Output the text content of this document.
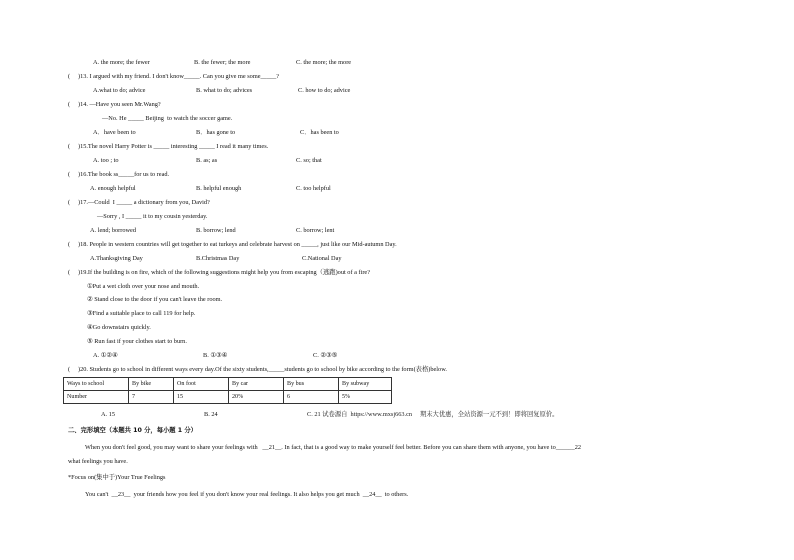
A. the more; the fewer	B. the fewer; the more	C. the more; the more
(     )13. I argued with my friend. I don't know_____. Can you give me some_____?
A.what to do; advice	B. what to do; advices	C. how to do; advice
(     )14. —Have you seen Mr.Wang?
—No. He _____ Beijing  to watch the soccer game.
A．have been to	B．has gone to	C．has been to
(     )15.The novel Harry Potter is _____ interesting _____ I read it many times.
A. too ; to	B. as; as	C. so; that
(     )16.The book ss_____for us to read.
A. enough helpful	B. helpful enough	C. too helpful
(     )17.—Could  I _____ a dictionary from you, David?
—Sorry , I _____ it to my cousin yesterday.
A. lend; borrowed	B. borrow; lend	C. borrow; lent
(     )18. People in western countries will get together to eat turkeys and celebrate harvest on _____, just like our Mid-autumn Day.
A.Thanksgiving Day	B.Christmas Day	C.National Day
(     )19.If the building is on fire, which of the following suggestions might help you from escaping（逃跑)out of a fire?
①Put a wet cloth over your nose and mouth.
② Stand close to the door if you can't leave the room.
③Find a suitable place to call 119 for help.
④Go downstairs quickly.
⑤ Run fast if your clothes start to burn.
A. ①②④	B. ①③④	C. ②③⑤
(     )20. Students go to school in different ways every day.Of the sixty students,_____students go to school by bike according to the form(表格)below.
Ways to school	By bike	On foot	By car	By bus	By subway
Number	7	15	20%	6	5%
A. 15	B. 24	C. 21 试卷源自  https://www.mxsj663.cn     期末大优惠，全站资源一元不到！即将回复原价。
二、完形填空（本题共 10 分，每小题 1 分）
When you don't feel good, you may want to share your feelings with   __21__. In fact, that is a good way to make yourself feel better. Before you can share them with anyone, you have to______22
what feelings you have.
*Focus on(集中于)Your True Feelings
You can't  __23__  your friends how you feel if you don't know your real feelings. It also helps you get much  __24__  to others.
